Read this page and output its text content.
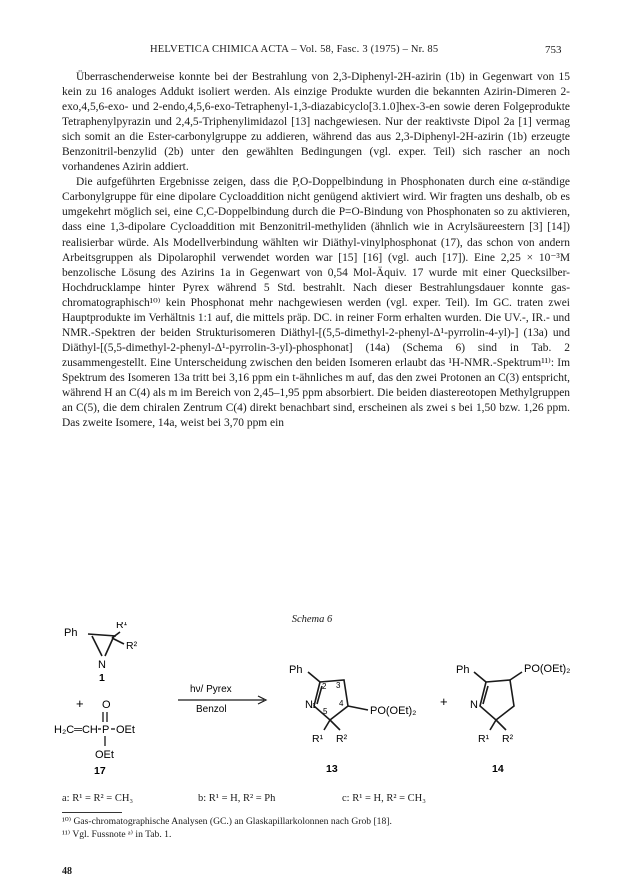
HELVETICA CHIMICA ACTA – Vol. 58, Fasc. 3 (1975) – Nr. 85	753

Überraschenderweise konnte bei der Bestrahlung von 2,3-Diphenyl-2H-azirin (1b) in Gegenwart von 15 kein zu 16 analoges Addukt isoliert werden. Als einzige Produkte wurden die bekannten Azirin-Dimeren 2-exo,4,5,6-exo- und 2-endo,4,5,6-exo-Tetraphenyl-1,3-diazabicyclo[3.1.0]hex-3-en sowie deren Folgeprodukte Tetraphenylpyrazin und 2,4,5-Triphenylimidazol [13] nachgewiesen. Nur der reaktivste Dipol 2a [1] vermag sich somit an die Ester-carbonylgruppe zu addieren, während das aus 2,3-Diphenyl-2H-azirin (1b) erzeugte Benzonitril-benzylid (2b) unter den gewählten Bedingungen (vgl. exper. Teil) sich rascher an noch vorhandenes Azirin addiert.

Die aufgeführten Ergebnisse zeigen, dass die P,O-Doppelbindung in Phosphonaten durch eine α-ständige Carbonylgruppe für eine dipolare Cycloaddition nicht genügend aktiviert wird. Wir fragten uns deshalb, ob es umgekehrt möglich sei, eine C,C-Doppelbindung durch die P=O-Bindung von Phosphonaten so zu aktivieren, dass eine 1,3-dipolare Cycloaddition mit Benzonitril-methyliden (ähnlich wie in Acrylsäureestern [3] [14]) realisierbar würde. Als Modellverbindung wählten wir Diäthyl-vinylphosphonat (17), das schon von andern Arbeitsgruppen als Dipolarophil verwendet worden war [15] [16] (vgl. auch [17]). Eine 2,25 × 10⁻³M benzolische Lösung des Azirins 1a in Gegenwart von 0,54 Mol-Äquiv. 17 wurde mit einer Quecksilber-Hochdrucklampe hinter Pyrex während 5 Std. bestrahlt. Nach dieser Bestrahlungsdauer konnte gas-chromatographisch¹⁰⁾ kein Phosphonat mehr nachgewiesen werden (vgl. exper. Teil). Im GC. traten zwei Hauptprodukte im Verhältnis 1:1 auf, die mittels präp. DC. in reiner Form erhalten wurden. Die UV.-, IR.- und NMR.-Spektren der beiden Strukturisomeren Diäthyl-[(5,5-dimethyl-2-phenyl-Δ¹-pyrrolin-4-yl)-] (13a) und Diäthyl-[(5,5-dimethyl-2-phenyl-Δ¹-pyrrolin-3-yl)-phosphonat] (14a) (Schema 6) sind in Tab. 2 zusammengestellt. Eine Unterscheidung zwischen den beiden Isomeren erlaubt das ¹H-NMR.-Spektrum¹¹⁾: Im Spektrum des Isomeren 13a tritt bei 3,16 ppm ein t-ähnliches m auf, das den zwei Protonen an C(3) entspricht, während H an C(4) als m im Bereich von 2,45–1,95 ppm absorbiert. Die beiden diastereotopen Methylgruppen an C(5), die dem chiralen Zentrum C(4) direkt benachbart sind, erscheinen als zwei s bei 1,50 bzw. 1,26 ppm. Das zweite Isomere, 14a, weist bei 3,70 ppm ein

Schema 6
Ph
R¹
R²
N
1
+ O
H₂C═CH P OEt
OEt
17
hν/ Pyrex
Benzol
Ph
2 3
4
5
N 1	PO(OEt)₂
R¹ R²
13
+
Ph	PO(OEt)₂
N
R¹ R²
14
a: R¹ = R² = CH₃	b: R¹ = H, R² = Ph	c: R¹ = H, R² = CH₃
¹⁰⁾ Gas-chromatographische Analysen (GC.) an Glaskapillarkolonnen nach Grob [18].
¹¹⁾ Vgl. Fussnote ᵃ⁾ in Tab. 1.
48
